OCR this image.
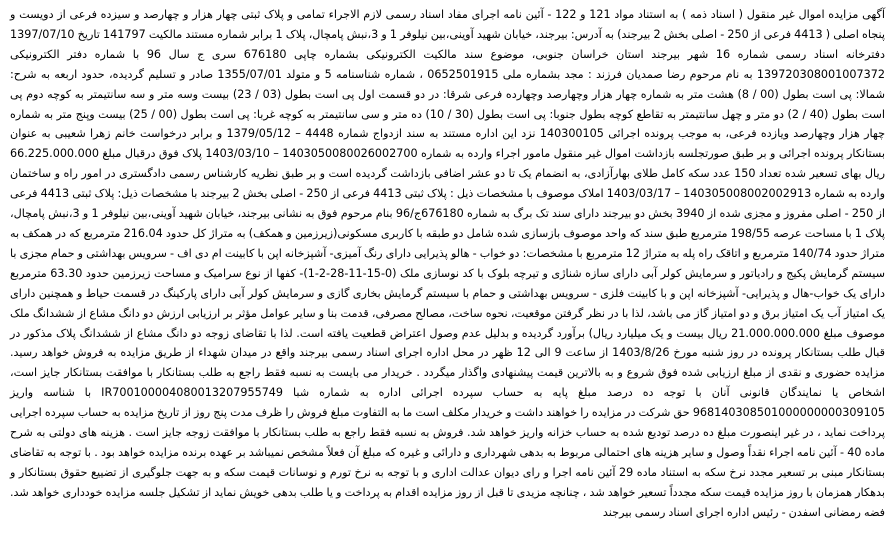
آگهی مزایده اموال غیر منقول ( اسناد ذمه ) به استناد مواد 121 و 122 - آئین نامه اجرای مفاد اسناد رسمی لازم الاجراء تمامی و پلاک ثبتی چهار هزار و چهارصد و سیزده فرعی از دویست و پنجاه اصلی ( 4413 فرعی از 250 - اصلی بخش 2 بیرجند) به آدرس: بیرجند، خیابان شهید آوینی،بین نیلوفر 1 و 3،نبش پامچال، پلاک 1 برابر شماره مستند مالکیت 141797 تاریخ 1397/07/10 دفترخانه اسناد رسمی شماره 16 شهر بیرجند استان خراسان جنوبی، موضوع سند مالکیت الکترونیکی بشماره چاپی 676180 سری ج سال 96 با شماره دفتر الکترونیکی 139720308001007372 به نام مرحوم رضا صمدیان فرزند : مجد بشماره ملی 0652501915 ، شماره شناسنامه 5 و متولد 1355/07/01 صادر و تسلیم گردیده، حدود اربعه به شرح: شمالا: پی است بطول (00 / 8) هشت متر به شماره چهار هزار وچهارصد وچهارده فرعی شرقا: در دو قسمت اول پی است بطول (03 / 23) بیست وسه متر و سه سانتیمتر به کوچه دوم پی است بطول (40 / 2) دو متر و چهل سانتیمتر به تقاطع کوچه بطول جنوبا: پی است بطول (30 / 10) ده متر و سی سانتیمتر به کوچه غربا: پی است بطول (00 / 25) بیست وپنج متر به شماره چهار هزار وچهارصد ویازده فرعی، به موجب پرونده اجرائی 140300105 نزد این اداره مستند به سند ازدواج شماره 4448 – 1379/05/12 و برابر درخواست خانم زهرا شعیبی به عنوان بستانکار پرونده اجرائی و بر طبق صورتجلسه بازداشت اموال غیر منقول مامور اجراء وارده به شماره 1403050080026002700 – 1403/03/10 پلاک فوق درقبال مبلغ 66.225.000.000 ریال بهای تسعیر شده تعداد 150 عدد سکه کامل طلای بهارآزادی، به انضمام یک تا دو عشر اضافی بازداشت گردیده است و بر طبق نظریه کارشناس رسمی دادگستری در امور راه و ساختمان وارده به شماره 140305008002002913 – 1403/03/17 املاک موصوف با مشخصات ذیل : پلاک ثبتی 4413 فرعی از 250 - اصلی بخش 2 بیرجند با مشخصات ذیل: پلاک ثبتی 4413 فرعی از 250 - اصلی مفروز و مجزی شده از 3940 بخش دو بیرجند دارای سند تک برگ به شماره 676180ج/96 بنام مرحوم فوق به نشانی بیرجند، خیابان شهید آوینی،بین نیلوفر 1 و 3،نبش پامچال، پلاک 1 با مساحت عرصه 198/55 مترمربع طبق سند که واحد موصوف بازسازی شده شامل دو طبقه با کاربری مسکونی(زیرزمین و همکف) به متراژ کل حدود 216.04 مترمربع که در همکف به متراژ حدود 140/74 مترمربع و اتاقک راه پله به متراژ 12 مترمربع با مشخصات: دو خواب - هالو پذیرایی دارای رنگ آمیزی- آشپزخانه اپن با کابینت ام دی اف - سرویس بهداشتی و حمام مجزی با سیستم گرمایش پکیج و رادیاتور و سرمایش کولر آبی دارای سازه شناژی و تیرچه بلوک با کد نوسازی ملک (0-15-11-28-2-1)- کفها از نوع سرامیک و مساحت زیرزمین حدود 63.30 مترمربع دارای یک خواب-هال و پذیرایی- آشپزخانه اپن و با کابینت فلزی - سرویس بهداشتی و حمام با سیستم گرمایش بخاری گازی و سرمایش کولر آبی دارای پارکینگ در قسمت حیاط و همچنین دارای یک امتیاز آب یک امتیاز برق و دو امتیاز گاز می باشد، لذا با در نظر گرفتن موقعیت، نحوه ساخت، مصالح مصرفی، قدمت بنا و سایر عوامل مؤثر بر ارزیابی ارزش دو دانگ مشاع از ششدانگ ملک موصوف مبلغ 21.000.000.000 ریال بیست و یک میلیارد ریال) برآورد گردیده و بدلیل عدم وصول اعتراض قطعیت یافته است. لذا با تقاضای زوجه دو دانگ مشاع از ششدانگ پلاک مذکور در قبال طلب بستانکار پرونده در روز شنبه مورخ 1403/8/26 از ساعت 9 الی 12 ظهر در محل اداره اجرای اسناد رسمی بیرجند واقع در میدان شهداء از طریق مزایده به فروش خواهد رسید. مزایده حضوری و نقدی از مبلغ ارزیابی شده فوق شروع و به بالاترین قیمت پیشنهادی واگذار میگردد . خریدار می بایست به نسبه فقط راجع به طلب بستانکار با موافقت بستانکار جایز است، اشخاص یا نمایندگان قانونی آنان با توجه ده درصد مبلغ پایه به حساب سپرده اجرائی اداره به شماره شبا IR700100004080013207955749 با شناسه واریز 968140308501000000000309105 حق شرکت در مزایده را خواهند داشت و خریدار مکلف است ما به التفاوت مبلغ فروش را ظرف مدت پنج روز از تاریخ مزایده به حساب سپرده اجرایی پرداخت نماید ، در غیر اینصورت مبلغ ده درصد تودیع شده به حساب خزانه واریز خواهد شد. فروش به نسبه فقط راجع به طلب بستانکار با موافقت زوجه جایز است . هزینه های دولتی به شرح ماده 40 - آئین نامه اجراء نقداً وصول و سایر هزینه های احتمالی مربوط به بدهی شهرداری و دارائی و غیره که مبلغ آن فعلاً مشخص نمیباشد بر عهده برنده مزایده خواهد بود . با توجه به تقاضای بستانکار مبنی بر تسعیر مجدد نرخ سکه به استناد ماده 29 آئین نامه اجرا و رای دیوان عدالت اداری و با توجه به نرخ تورم و نوسانات قیمت سکه و به جهت جلوگیری از تضییع حقوق بستانکار و بدهکار همزمان با روز مزایده قیمت سکه مجدداً تسعیر خواهد شد ، چنانچه مزیدی تا قبل از روز مزایده اقدام به پرداخت و یا طلب بدهی خویش نماید از تشکیل جلسه مزایده خودداری خواهد شد. فضه رمضانی اسفدن - رئیس اداره اجرای اسناد رسمی بیرجند
